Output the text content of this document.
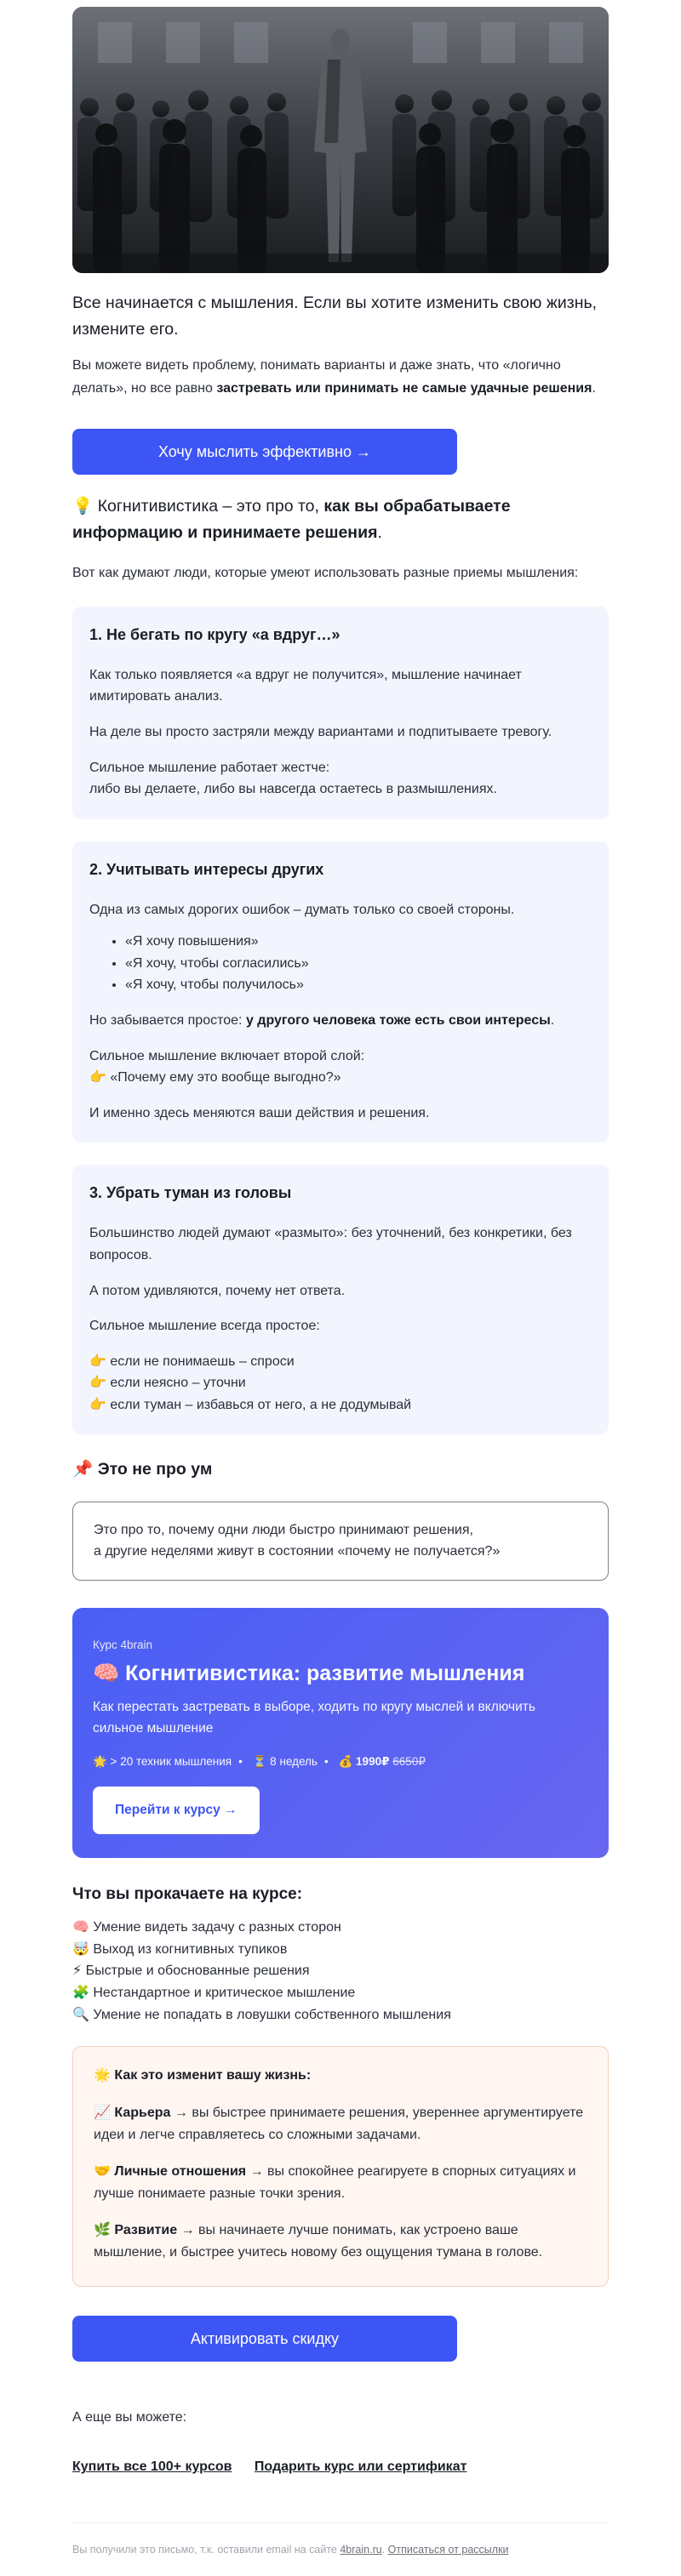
Все начинается с мышления. Если вы хотите изменить свою жизнь, измените его.

Вы можете видеть проблему, понимать варианты и даже знать, что «логично делать», но все равно застревать или принимать не самые удачные решения.

Хочу мыслить эффективно →

💡 Когнитивистика – это про то, как вы обрабатываете информацию и принимаете решения.

Вот как думают люди, которые умеют использовать разные приемы мышления:

1. Не бегать по кругу «а вдруг…»

Как только появляется «а вдруг не получится», мышление начинает имитировать анализ.

На деле вы просто застряли между вариантами и подпитываете тревогу.

Сильное мышление работает жестче:
либо вы делаете, либо вы навсегда остаетесь в размышлениях.

2. Учитывать интересы других

Одна из самых дорогих ошибок – думать только со своей стороны.

• «Я хочу повышения»
• «Я хочу, чтобы согласились»
• «Я хочу, чтобы получилось»

Но забывается простое: у другого человека тоже есть свои интересы.

Сильное мышление включает второй слой:
👉 «Почему ему это вообще выгодно?»

И именно здесь меняются ваши действия и решения.

3. Убрать туман из головы

Большинство людей думают «размыто»: без уточнений, без конкретики, без вопросов.

А потом удивляются, почему нет ответа.

Сильное мышление всегда простое:

👉 если не понимаешь – спроси
👉 если неясно – уточни
👉 если туман – избавься от него, а не додумывай

📌 Это не про ум

Это про то, почему одни люди быстро принимают решения,
а другие неделями живут в состоянии «почему не получается?»
Курс 4brain
🧠 Когнитивистика: развитие мышления
Как перестать застревать в выборе, ходить по кругу мыслей и включить сильное мышление
🌟 > 20 техник мышления • ⏳ 8 недель • 💰 1990₽ 6650₽
Перейти к курсу →

Что вы прокачаете на курсе:

🧠 Умение видеть задачу с разных сторон
🤯 Выход из когнитивных тупиков
⚡ Быстрые и обоснованные решения
🧩 Нестандартное и критическое мышление
🔍 Умение не попадать в ловушки собственного мышления
🌟 Как это изменит вашу жизнь:

📈 Карьера → вы быстрее принимаете решения, увереннее аргументируете идеи и легче справляетесь со сложными задачами.

🤝 Личные отношения → вы спокойнее реагируете в спорных ситуациях и лучше понимаете разные точки зрения.

🌿 Развитие → вы начинаете лучше понимать, как устроено ваше мышление, и быстрее учитесь новому без ощущения тумана в голове.

Активировать скидку

А еще вы можете:

Купить все 100+ курсов Подарить курс или сертификат
Вы получили это письмо, т.к. оставили email на сайте 4brain.ru. Отписаться от рассылки
